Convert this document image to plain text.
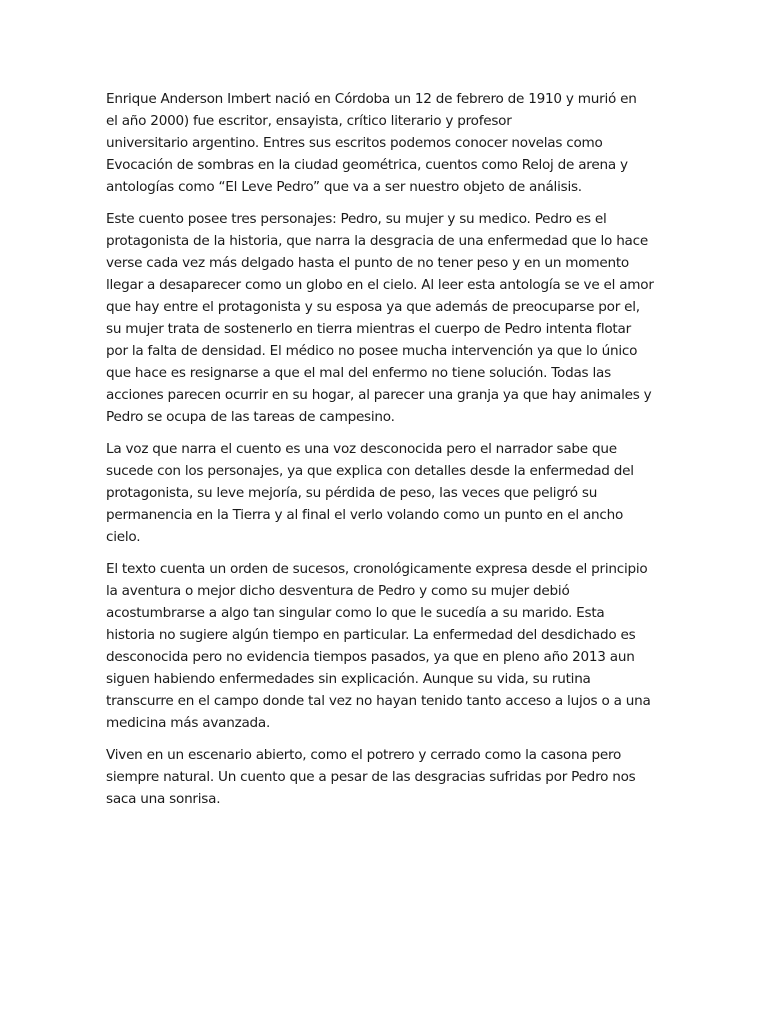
Enrique Anderson Imbert nació en Córdoba un 12 de febrero de 1910 y murió en
el año 2000) fue escritor, ensayista, crítico literario y profesor
universitario argentino. Entres sus escritos podemos conocer novelas como
Evocación de sombras en la ciudad geométrica, cuentos como Reloj de arena y
antologías como “El Leve Pedro” que va a ser nuestro objeto de análisis.

Este cuento posee tres personajes: Pedro, su mujer y su medico. Pedro es el
protagonista de la historia, que narra la desgracia de una enfermedad que lo hace
verse cada vez más delgado hasta el punto de no tener peso y en un momento
llegar a desaparecer como un globo en el cielo. Al leer esta antología se ve el amor
que hay entre el protagonista y su esposa ya que además de preocuparse por el,
su mujer trata de sostenerlo en tierra mientras el cuerpo de Pedro intenta flotar
por la falta de densidad. El médico no posee mucha intervención ya que lo único
que hace es resignarse a que el mal del enfermo no tiene solución. Todas las
acciones parecen ocurrir en su hogar, al parecer una granja ya que hay animales y
Pedro se ocupa de las tareas de campesino.

La voz que narra el cuento es una voz desconocida pero el narrador sabe que
sucede con los personajes, ya que explica con detalles desde la enfermedad del
protagonista, su leve mejoría, su pérdida de peso, las veces que peligró su
permanencia en la Tierra y al final el verlo volando como un punto en el ancho
cielo.

El texto cuenta un orden de sucesos, cronológicamente expresa desde el principio
la aventura o mejor dicho desventura de Pedro y como su mujer debió
acostumbrarse a algo tan singular como lo que le sucedía a su marido. Esta
historia no sugiere algún tiempo en particular. La enfermedad del desdichado es
desconocida pero no evidencia tiempos pasados, ya que en pleno año 2013 aun
siguen habiendo enfermedades sin explicación. Aunque su vida, su rutina
transcurre en el campo donde tal vez no hayan tenido tanto acceso a lujos o a una
medicina más avanzada.

Viven en un escenario abierto, como el potrero y cerrado como la casona pero
siempre natural. Un cuento que a pesar de las desgracias sufridas por Pedro nos
saca una sonrisa.
